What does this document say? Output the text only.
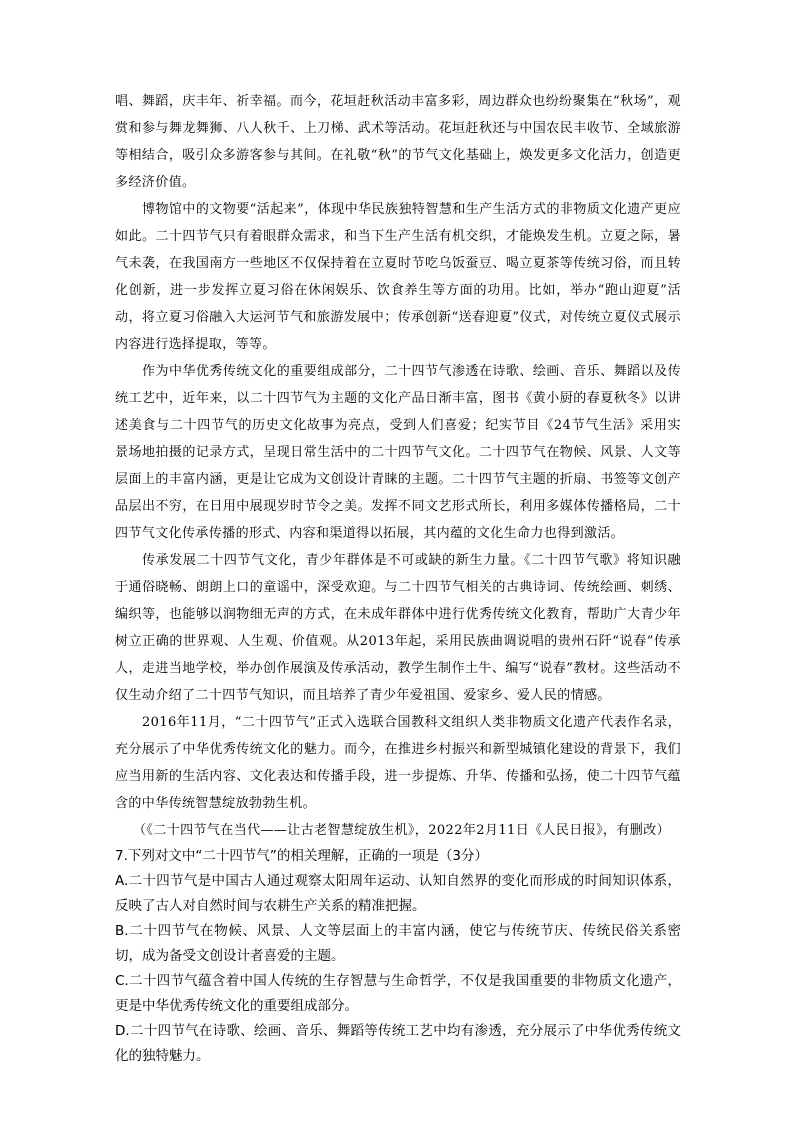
唱、舞蹈，庆丰年、祈幸福。而今，花垣赶秋活动丰富多彩，周边群众也纷纷聚集在“秋场”，观赏和参与舞龙舞狮、八人秋千、上刀梯、武术等活动。花垣赶秋还与中国农民丰收节、全域旅游等相结合，吸引众多游客参与其间。在礼敬“秋”的节气文化基础上，焕发更多文化活力，创造更多经济价值。

博物馆中的文物要“活起来”，体现中华民族独特智慧和生产生活方式的非物质文化遗产更应如此。二十四节气只有着眼群众需求，和当下生产生活有机交织，才能焕发生机。立夏之际，暑气未袭，在我国南方一些地区不仅保持着在立夏时节吃乌饭蚕豆、喝立夏茶等传统习俗，而且转化创新，进一步发挥立夏习俗在休闲娱乐、饮食养生等方面的功用。比如，举办“跑山迎夏”活动，将立夏习俗融入大运河节气和旅游发展中；传承创新“送春迎夏”仪式，对传统立夏仪式展示内容进行选择提取，等等。

作为中华优秀传统文化的重要组成部分，二十四节气渗透在诗歌、绘画、音乐、舞蹈以及传统工艺中，近年来，以二十四节气为主题的文化产品日渐丰富，图书《黄小厨的春夏秋冬》以讲述美食与二十四节气的历史文化故事为亮点，受到人们喜爱；纪实节目《24节气生活》采用实景场地拍摄的记录方式，呈现日常生活中的二十四节气文化。二十四节气在物候、风景、人文等层面上的丰富内涵，更是让它成为文创设计青睐的主题。二十四节气主题的折扇、书签等文创产品层出不穷，在日用中展现岁时节令之美。发挥不同文艺形式所长，利用多媒体传播格局，二十四节气文化传承传播的形式、内容和渠道得以拓展，其内蕴的文化生命力也得到激活。

传承发展二十四节气文化，青少年群体是不可或缺的新生力量。《二十四节气歌》将知识融于通俗晓畅、朗朗上口的童谣中，深受欢迎。与二十四节气相关的古典诗词、传统绘画、刺绣、编织等，也能够以润物细无声的方式，在未成年群体中进行优秀传统文化教育，帮助广大青少年树立正确的世界观、人生观、价值观。从2013年起，采用民族曲调说唱的贵州石阡“说春”传承人，走进当地学校，举办创作展演及传承活动，教学生制作土牛、编写“说春”教材。这些活动不仅生动介绍了二十四节气知识，而且培养了青少年爱祖国、爱家乡、爱人民的情感。

2016年11月，“二十四节气”正式入选联合国教科文组织人类非物质文化遗产代表作名录，充分展示了中华优秀传统文化的魅力。而今，在推进乡村振兴和新型城镇化建设的背景下，我们应当用新的生活内容、文化表达和传播手段，进一步提炼、升华、传播和弘扬，使二十四节气蕴含的中华传统智慧绽放勃勃生机。

（《二十四节气在当代——让古老智慧绽放生机》，2022年2月11日《人民日报》，有删改）

7.下列对文中“二十四节气”的相关理解，正确的一项是（3分）

A.二十四节气是中国古人通过观察太阳周年运动、认知自然界的变化而形成的时间知识体系，反映了古人对自然时间与农耕生产关系的精准把握。

B.二十四节气在物候、风景、人文等层面上的丰富内涵，使它与传统节庆、传统民俗关系密切，成为备受文创设计者喜爱的主题。

C.二十四节气蕴含着中国人传统的生存智慧与生命哲学，不仅是我国重要的非物质文化遗产，更是中华优秀传统文化的重要组成部分。

D.二十四节气在诗歌、绘画、音乐、舞蹈等传统工艺中均有渗透，充分展示了中华优秀传统文化的独特魅力。
